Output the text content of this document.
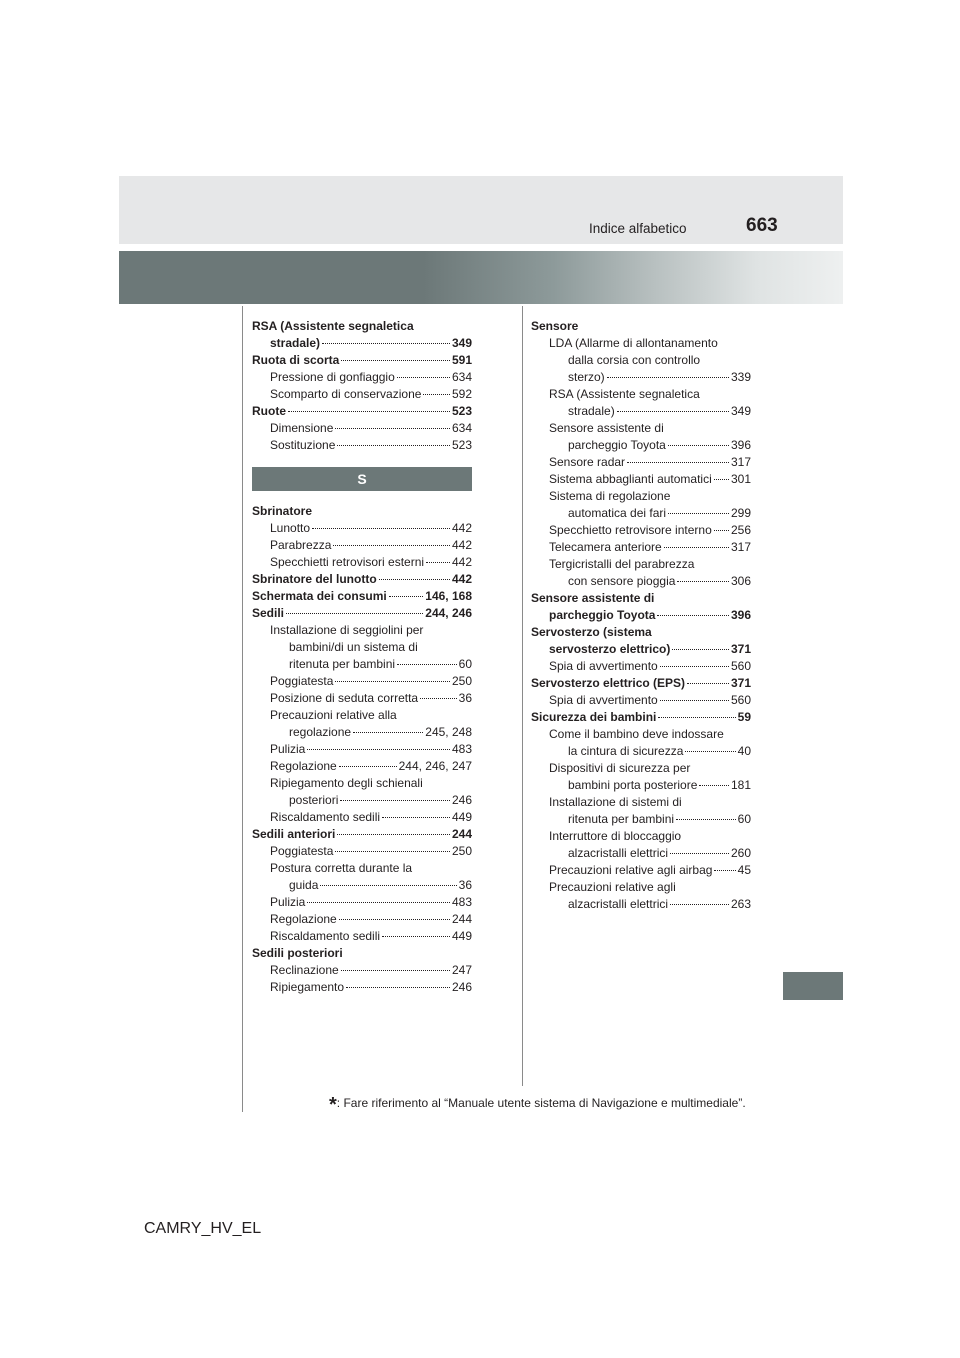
Indice alfabetico	663
RSA (Assistente segnaletica
stradale)	349
Ruota di scorta	591
Pressione di gonfiaggio	634
Scomparto di conservazione	592
Ruote	523
Dimensione	634
Sostituzione	523
S
Sbrinatore
Lunotto	442
Parabrezza	442
Specchietti retrovisori esterni 442
Sbrinatore del lunotto	442
Schermata dei consumi	146, 168
Sedili	244, 246
Installazione di seggiolini per
bambini/di un sistema di
ritenuta per bambini	60
Poggiatesta	250
Posizione di seduta corretta	36
Precauzioni relative alla
regolazione	245, 248
Pulizia	483
Regolazione	244, 246, 247
Ripiegamento degli schienali
posteriori	246
Riscaldamento sedili	449
Sedili anteriori	244
Poggiatesta	250
Postura corretta durante la
guida	36
Pulizia	483
Regolazione	244
Riscaldamento sedili	449
Sedili posteriori
Reclinazione	247
Ripiegamento	246
Sensore
LDA (Allarme di allontanamento
dalla corsia con controllo
sterzo)	339
RSA (Assistente segnaletica
stradale)	349
Sensore assistente di
parcheggio Toyota	396
Sensore radar	317
Sistema abbaglianti automatici 301
Sistema di regolazione
automatica dei fari	299
Specchietto retrovisore interno 256
Telecamera anteriore	317
Tergicristalli del parabrezza
con sensore pioggia	306
Sensore assistente di
parcheggio Toyota	396
Servosterzo (sistema
servosterzo elettrico)	371
Spia di avvertimento	560
Servosterzo elettrico (EPS)	371
Spia di avvertimento	560
Sicurezza dei bambini	59
Come il bambino deve indossare
la cintura di sicurezza	40
Dispositivi di sicurezza per
bambini porta posteriore	181
Installazione di sistemi di
ritenuta per bambini	60
Interruttore di bloccaggio
alzacristalli elettrici	260
Precauzioni relative agli airbag 45
Precauzioni relative agli
alzacristalli elettrici	263
*: Fare riferimento al “Manuale utente sistema di Navigazione e multimediale”.
CAMRY_HV_EL
